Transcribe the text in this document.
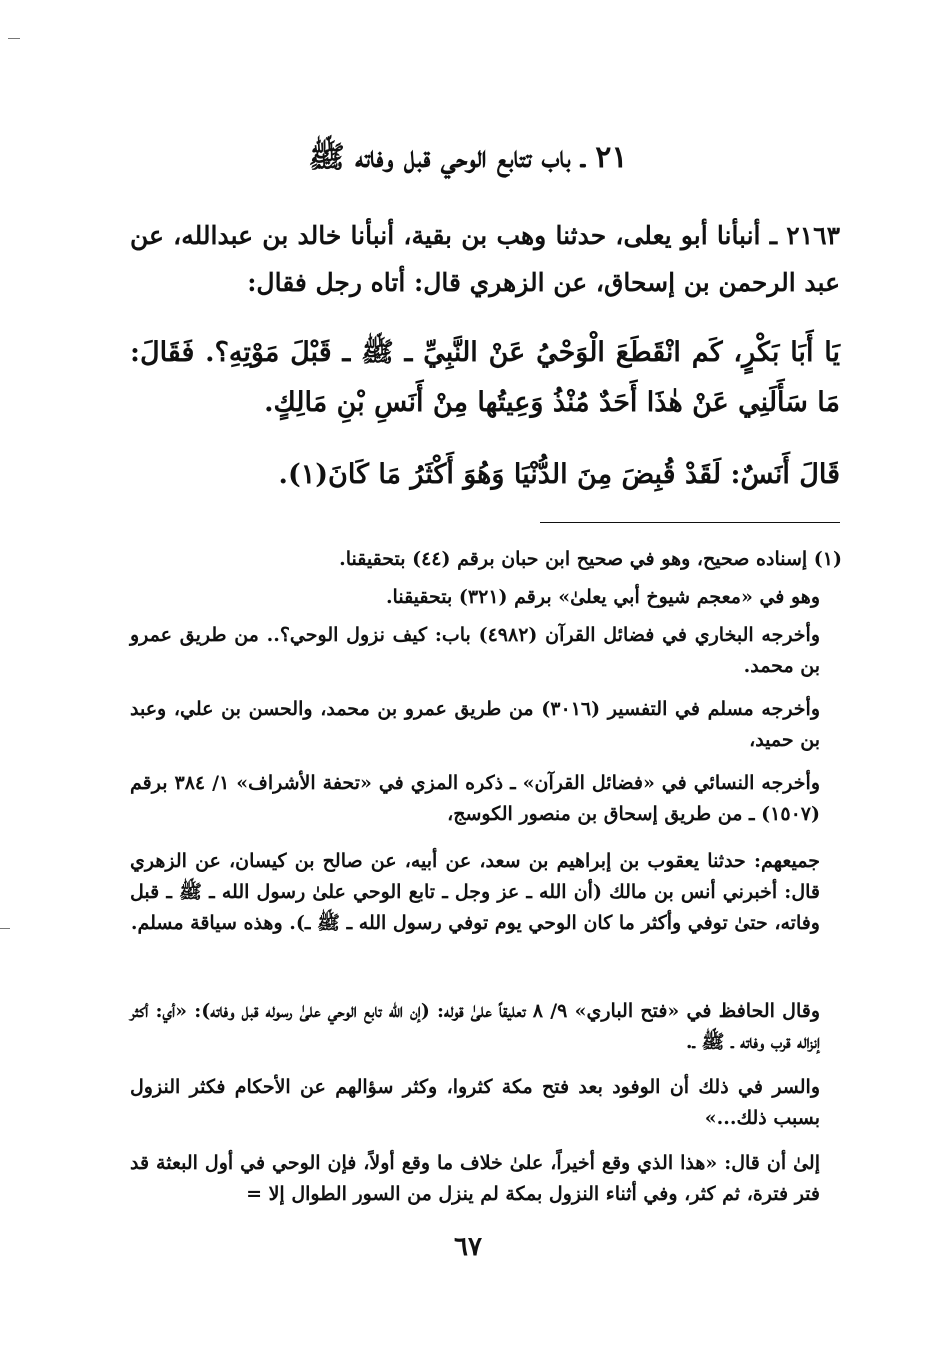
٢١ ـ باب تتابع الوحي قبل وفاته ﷺ
٢١٦٣ ـ أنبأنا أبو يعلى، حدثنا وهب بن بقية، أنبأنا خالد بن عبدالله، عن عبد الرحمن بن إسحاق، عن الزهري قال: أتاه رجل فقال:
يَا أَبَا بَكْرٍ، كَم انْقَطَعَ الْوَحْيُ عَنْ النَّبِيِّ ـ ﷺ ـ قَبْلَ مَوْتِهِ؟. فَقَالَ: مَا سَأَلَنِي عَنْ هٰذَا أَحَدٌ مُنْذُ وَعِيتُها مِنْ أَنَسِ بْنِ مَالِكٍ.
قَالَ أَنَسٌ: لَقَدْ قُبِضَ مِنَ الدُّنْيَا وَهُوَ أَكْثَرُ مَا كَانَ(١).
(١) إسناده صحيح، وهو في صحيح ابن حبان برقم (٤٤) بتحقيقنا.
وهو في «معجم شيوخ أبي يعلىٰ» برقم (٣٢١) بتحقيقنا.
وأخرجه البخاري في فضائل القرآن (٤٩٨٢) باب: كيف نزول الوحي؟.. من طريق عمرو بن محمد.
وأخرجه مسلم في التفسير (٣٠١٦) من طريق عمرو بن محمد، والحسن بن علي، وعبد بن حميد،
وأخرجه النسائي في «فضائل القرآن» ـ ذكره المزي في «تحفة الأشراف» ١/ ٣٨٤ برقم (١٥٠٧) ـ من طريق إسحاق بن منصور الكوسج،
جميعهم: حدثنا يعقوب بن إبراهيم بن سعد، عن أبيه، عن صالح بن كيسان، عن الزهري قال: أخبرني أنس بن مالك (أن الله ـ عز وجل ـ تابع الوحي علىٰ رسول الله ـ ﷺ ـ قبل وفاته، حتىٰ توفي وأكثر ما كان الوحي يوم توفي رسول الله ـ ﷺ ـ). وهذه سياقة مسلم.
وقال الحافظ في «فتح الباري» ٩/ ٨ تعليقاً علىٰ قوله: (إن الله تابع الوحي علىٰ رسوله قبل وفاته): «أي: أكثر إنزاله قرب وفاته ـ ﷺ ـ.
والسر في ذلك أن الوفود بعد فتح مكة كثروا، وكثر سؤالهم عن الأحكام فكثر النزول بسبب ذلك...»
إلىٰ أن قال: «هذا الذي وقع أخيراً، علىٰ خلاف ما وقع أولاً، فإن الوحي في أول البعثة قد فتر فترة، ثم كثر، وفي أثناء النزول بمكة لم ينزل من السور الطوال إلا =
٦٧
